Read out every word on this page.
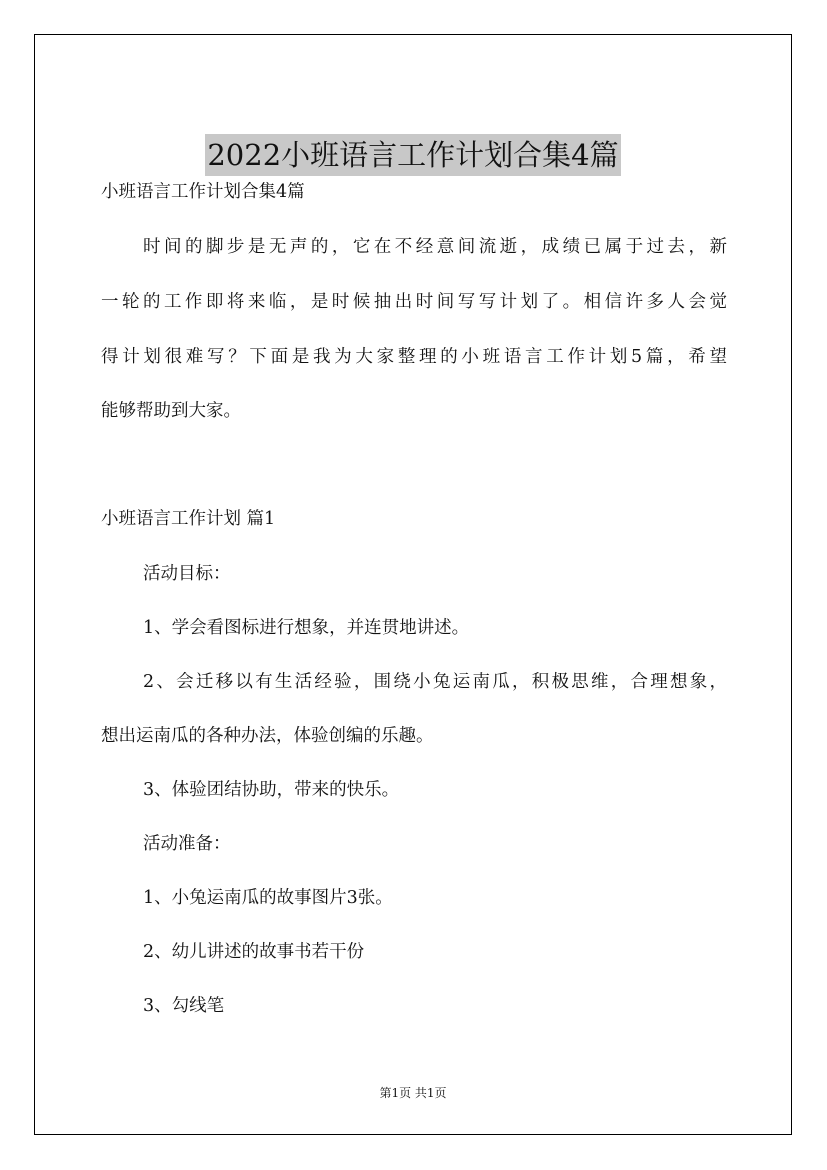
2022小班语言工作计划合集4篇
小班语言工作计划合集4篇
时间的脚步是无声的，它在不经意间流逝，成绩已属于过去，新
一轮的工作即将来临，是时候抽出时间写写计划了。相信许多人会觉
得计划很难写？下面是我为大家整理的小班语言工作计划5篇，希望
能够帮助到大家。
小班语言工作计划 篇1
活动目标：
1、学会看图标进行想象，并连贯地讲述。
2、会迁移以有生活经验，围绕小兔运南瓜，积极思维，合理想象，
想出运南瓜的各种办法，体验创编的乐趣。
3、体验团结协助，带来的快乐。
活动准备：
1、小兔运南瓜的故事图片3张。
2、幼儿讲述的故事书若干份
3、勾线笔
第1页 共1页
